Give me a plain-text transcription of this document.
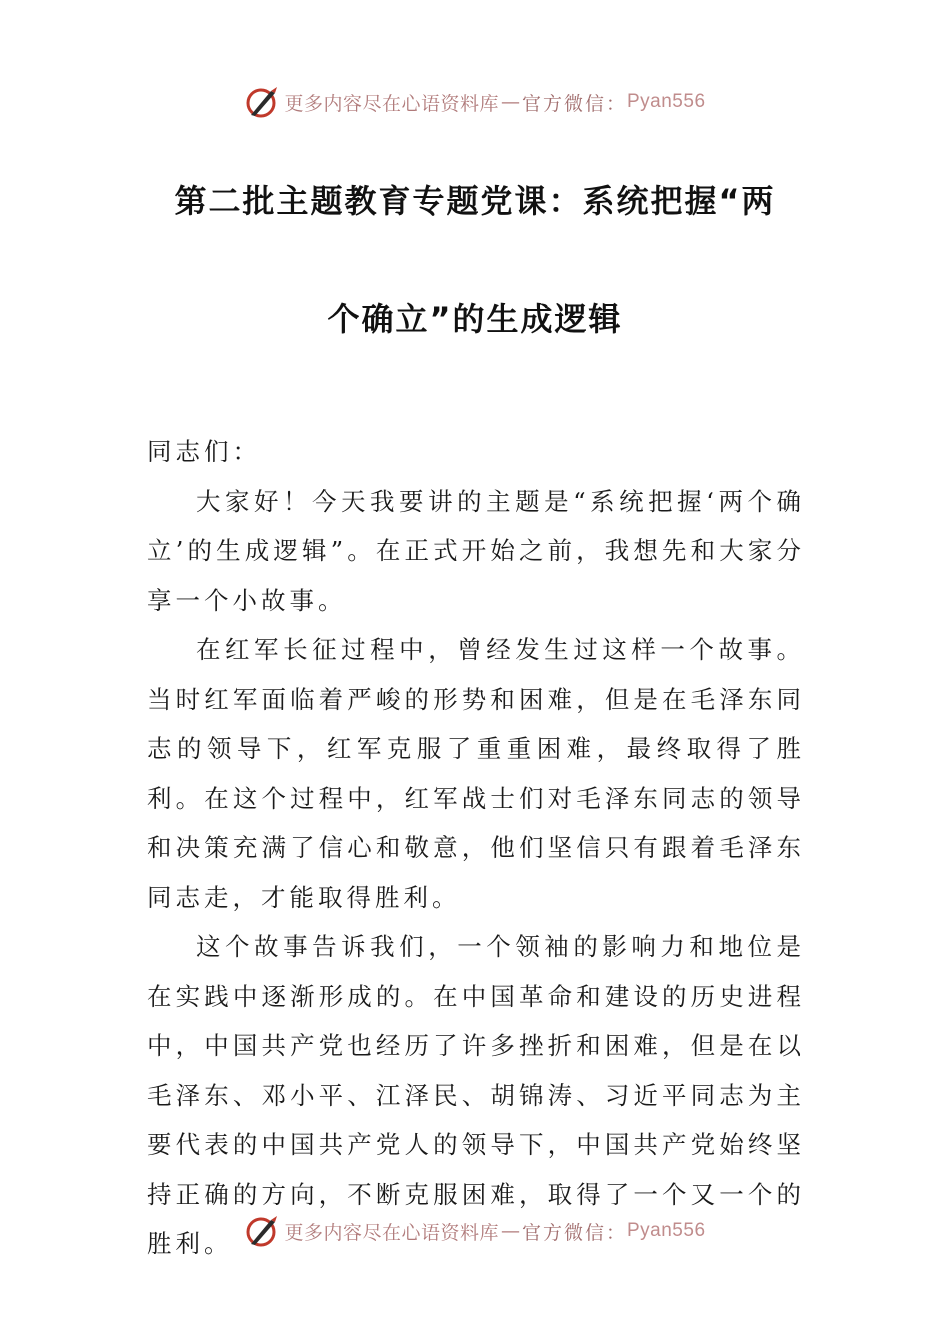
更多内容尽在心语资料库 — 官方微信： Pyan556
第二批主题教育专题党课：系统把握“两
个确立”的生成逻辑

同志们：

大家好！今天我要讲的主题是“系统把握‘两个确立’的生成逻辑”。在正式开始之前，我想先和大家分享一个小故事。

在红军长征过程中，曾经发生过这样一个故事。当时红军面临着严峻的形势和困难，但是在毛泽东同志的领导下，红军克服了重重困难，最终取得了胜利。在这个过程中，红军战士们对毛泽东同志的领导和决策充满了信心和敬意，他们坚信只有跟着毛泽东同志走，才能取得胜利。

这个故事告诉我们，一个领袖的影响力和地位是在实践中逐渐形成的。在中国革命和建设的历史进程中，中国共产党也经历了许多挫折和困难，但是在以毛泽东、邓小平、江泽民、胡锦涛、习近平同志为主要代表的中国共产党人的领导下，中国共产党始终坚持正确的方向，不断克服困难，取得了一个又一个的胜利。	更多内容尽在心语资料库 — 官方微信： Pyan556
